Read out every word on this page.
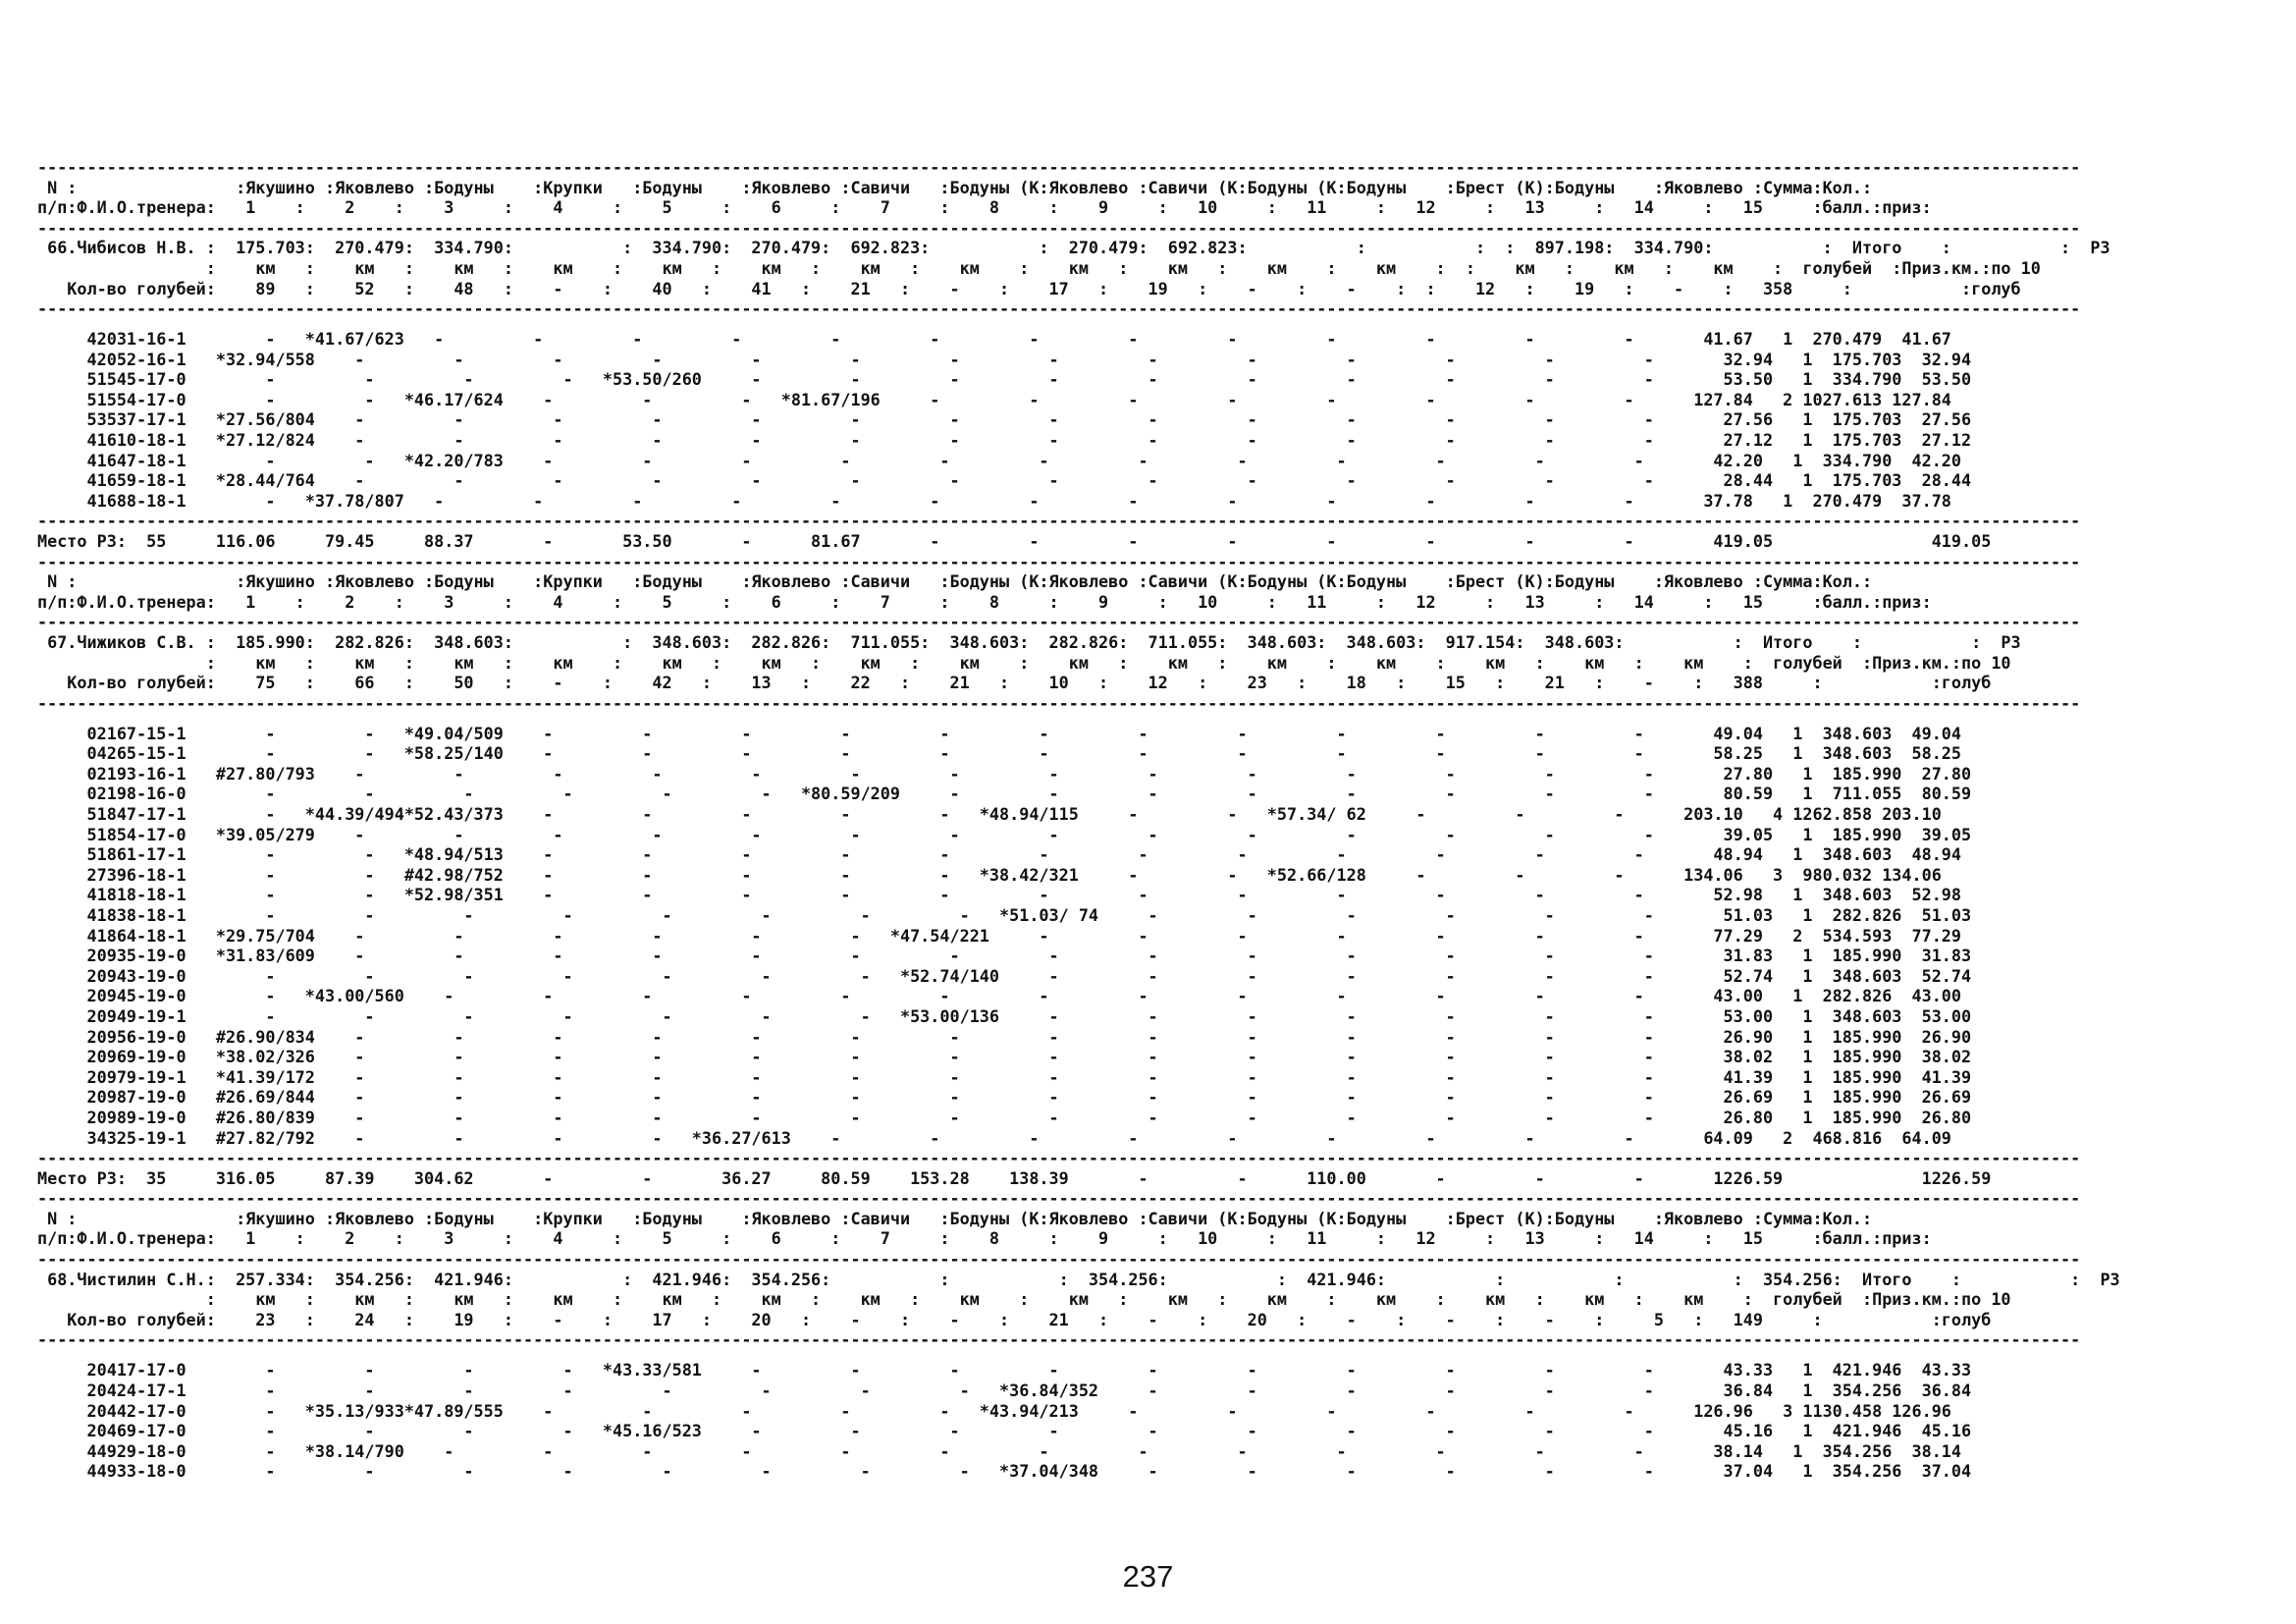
--------------------------------------------------------------------------------------------------------------------------------------------------------------------------------------------------------------
N :                :Якушино :Яковлево :Бодуны    :Крупки   :Бодуны    :Яковлево :Савичи   :Бодуны (К:Яковлево :Савичи (К:Бодуны (К:Бодуны    :Брест (К):Бодуны    :Яковлево :Сумма:Кол.:
п/п:Ф.И.О.тренера:   1    :    2    :    3     :    4     :    5     :    6     :    7     :    8     :    9     :   10     :   11     :   12     :   13     :   14     :   15     :балл.:приз:
--------------------------------------------------------------------------------------------------------------------------------------------------------------------------------------------------------------
66.Чибисов Н.В. :  175.703:  270.479:  334.790:           :  334.790:  270.479:  692.823:           :  270.479:  692.823:           :           :  :  897.198:  334.790:           :  Итого    :           :  РЗ
:    км   :    км   :    км   :    км    :    км   :    км   :    км   :    км    :    км   :    км   :    км    :    км    :  :    км   :    км   :    км    :  голубей  :Приз.км.:по 10
Кол-во голубей:    89   :    52   :    48   :    -    :    40   :    41   :    21   :    -    :    17   :    19   :    -    :    -    :  :    12   :    19   :    -    :   358     :           :голуб
--------------------------------------------------------------------------------------------------------------------------------------------------------------------------------------------------------------
42031-16-1        -   *41.67/623   -         -         -         -         -         -         -         -         -         -         -         -         -       41.67   1  270.479  41.67
42052-16-1   *32.94/558    -         -         -         -         -         -         -         -         -         -         -         -         -         -       32.94   1  175.703  32.94
51545-17-0        -         -         -         -   *53.50/260     -         -         -         -         -         -         -         -         -         -       53.50   1  334.790  53.50
51554-17-0        -         -   *46.17/624    -         -         -   *81.67/196     -         -         -         -         -         -         -         -      127.84   2 1027.613 127.84
53537-17-1   *27.56/804    -         -         -         -         -         -         -         -         -         -         -         -         -         -       27.56   1  175.703  27.56
41610-18-1   *27.12/824    -         -         -         -         -         -         -         -         -         -         -         -         -         -       27.12   1  175.703  27.12
41647-18-1        -         -   *42.20/783    -         -         -         -         -         -         -         -         -         -         -         -       42.20   1  334.790  42.20
41659-18-1   *28.44/764    -         -         -         -         -         -         -         -         -         -         -         -         -         -       28.44   1  175.703  28.44
41688-18-1        -   *37.78/807   -         -         -         -         -         -         -         -         -         -         -         -         -       37.78   1  270.479  37.78
--------------------------------------------------------------------------------------------------------------------------------------------------------------------------------------------------------------
Место РЗ:  55     116.06     79.45     88.37       -       53.50       -      81.67       -         -         -         -         -         -         -         -        419.05                419.05
--------------------------------------------------------------------------------------------------------------------------------------------------------------------------------------------------------------
N :                :Якушино :Яковлево :Бодуны    :Крупки   :Бодуны    :Яковлево :Савичи   :Бодуны (К:Яковлево :Савичи (К:Бодуны (К:Бодуны    :Брест (К):Бодуны    :Яковлево :Сумма:Кол.:
п/п:Ф.И.О.тренера:   1    :    2    :    3     :    4     :    5     :    6     :    7     :    8     :    9     :   10     :   11     :   12     :   13     :   14     :   15     :балл.:приз:
--------------------------------------------------------------------------------------------------------------------------------------------------------------------------------------------------------------
67.Чижиков С.В. :  185.990:  282.826:  348.603:           :  348.603:  282.826:  711.055:  348.603:  282.826:  711.055:  348.603:  348.603:  917.154:  348.603:           :  Итого    :           :  РЗ
:    км   :    км   :    км   :    км    :    км   :    км   :    км   :    км    :    км   :    км   :    км    :    км    :    км   :    км   :    км    :  голубей  :Приз.км.:по 10
Кол-во голубей:    75   :    66   :    50   :    -    :    42   :    13   :    22   :    21   :    10   :    12   :    23   :    18   :    15   :    21   :    -    :   388     :           :голуб
--------------------------------------------------------------------------------------------------------------------------------------------------------------------------------------------------------------
02167-15-1        -         -   *49.04/509    -         -         -         -         -         -         -         -         -         -         -         -       49.04   1  348.603  49.04
04265-15-1        -         -   *58.25/140    -         -         -         -         -         -         -         -         -         -         -         -       58.25   1  348.603  58.25
02193-16-1   #27.80/793    -         -         -         -         -         -         -         -         -         -         -         -         -         -       27.80   1  185.990  27.80
02198-16-0        -         -         -         -         -         -   *80.59/209     -         -         -         -         -         -         -         -       80.59   1  711.055  80.59
51847-17-1        -   *44.39/494*52.43/373    -         -         -         -         -   *48.94/115     -         -   *57.34/ 62     -         -         -      203.10   4 1262.858 203.10
51854-17-0   *39.05/279    -         -         -         -         -         -         -         -         -         -         -         -         -         -       39.05   1  185.990  39.05
51861-17-1        -         -   *48.94/513    -         -         -         -         -         -         -         -         -         -         -         -       48.94   1  348.603  48.94
27396-18-1        -         -   #42.98/752    -         -         -         -         -   *38.42/321     -         -   *52.66/128     -         -         -      134.06   3  980.032 134.06
41818-18-1        -         -   *52.98/351    -         -         -         -         -         -         -         -         -         -         -         -       52.98   1  348.603  52.98
41838-18-1        -         -         -         -         -         -         -         -   *51.03/ 74     -         -         -         -         -         -       51.03   1  282.826  51.03
41864-18-1   *29.75/704    -         -         -         -         -         -   *47.54/221     -         -         -         -         -         -         -       77.29   2  534.593  77.29
20935-19-0   *31.83/609    -         -         -         -         -         -         -         -         -         -         -         -         -         -       31.83   1  185.990  31.83
20943-19-0        -         -         -         -         -         -         -   *52.74/140     -         -         -         -         -         -         -       52.74   1  348.603  52.74
20945-19-0        -   *43.00/560    -         -         -         -         -         -         -         -         -         -         -         -         -       43.00   1  282.826  43.00
20949-19-1        -         -         -         -         -         -         -   *53.00/136     -         -         -         -         -         -         -       53.00   1  348.603  53.00
20956-19-0   #26.90/834    -         -         -         -         -         -         -         -         -         -         -         -         -         -       26.90   1  185.990  26.90
20969-19-0   *38.02/326    -         -         -         -         -         -         -         -         -         -         -         -         -         -       38.02   1  185.990  38.02
20979-19-1   *41.39/172    -         -         -         -         -         -         -         -         -         -         -         -         -         -       41.39   1  185.990  41.39
20987-19-0   #26.69/844    -         -         -         -         -         -         -         -         -         -         -         -         -         -       26.69   1  185.990  26.69
20989-19-0   #26.80/839    -         -         -         -         -         -         -         -         -         -         -         -         -         -       26.80   1  185.990  26.80
34325-19-1   #27.82/792    -         -         -         -   *36.27/613    -         -         -         -         -         -         -         -         -       64.09   2  468.816  64.09
--------------------------------------------------------------------------------------------------------------------------------------------------------------------------------------------------------------
Место РЗ:  35     316.05     87.39    304.62       -         -       36.27     80.59    153.28    138.39       -         -      110.00       -         -         -       1226.59              1226.59
--------------------------------------------------------------------------------------------------------------------------------------------------------------------------------------------------------------
N :                :Якушино :Яковлево :Бодуны    :Крупки   :Бодуны    :Яковлево :Савичи   :Бодуны (К:Яковлево :Савичи (К:Бодуны (К:Бодуны    :Брест (К):Бодуны    :Яковлево :Сумма:Кол.:
п/п:Ф.И.О.тренера:   1    :    2    :    3     :    4     :    5     :    6     :    7     :    8     :    9     :   10     :   11     :   12     :   13     :   14     :   15     :балл.:приз:
--------------------------------------------------------------------------------------------------------------------------------------------------------------------------------------------------------------
68.Чистилин С.Н.:  257.334:  354.256:  421.946:           :  421.946:  354.256:           :           :  354.256:           :  421.946:           :           :           :  354.256:  Итого    :           :  РЗ
:    км   :    км   :    км   :    км    :    км   :    км   :    км   :    км    :    км   :    км   :    км    :    км    :    км   :    км   :    км    :  голубей  :Приз.км.:по 10
Кол-во голубей:    23   :    24   :    19   :    -    :    17   :    20   :    -    :    -    :    21   :    -    :    20   :    -    :    -    :    -    :     5   :   149     :           :голуб
--------------------------------------------------------------------------------------------------------------------------------------------------------------------------------------------------------------
20417-17-0        -         -         -         -   *43.33/581     -         -         -         -         -         -         -         -         -         -       43.33   1  421.946  43.33
20424-17-1        -         -         -         -         -         -         -         -   *36.84/352     -         -         -         -         -         -       36.84   1  354.256  36.84
20442-17-0        -   *35.13/933*47.89/555    -         -         -         -         -   *43.94/213     -         -         -         -         -         -      126.96   3 1130.458 126.96
20469-17-0        -         -         -         -   *45.16/523     -         -         -         -         -         -         -         -         -         -       45.16   1  421.946  45.16
44929-18-0        -   *38.14/790    -         -         -         -         -         -         -         -         -         -         -         -         -       38.14   1  354.256  38.14
44933-18-0        -         -         -         -         -         -         -         -   *37.04/348     -         -         -         -         -         -       37.04   1  354.256  37.04
237
